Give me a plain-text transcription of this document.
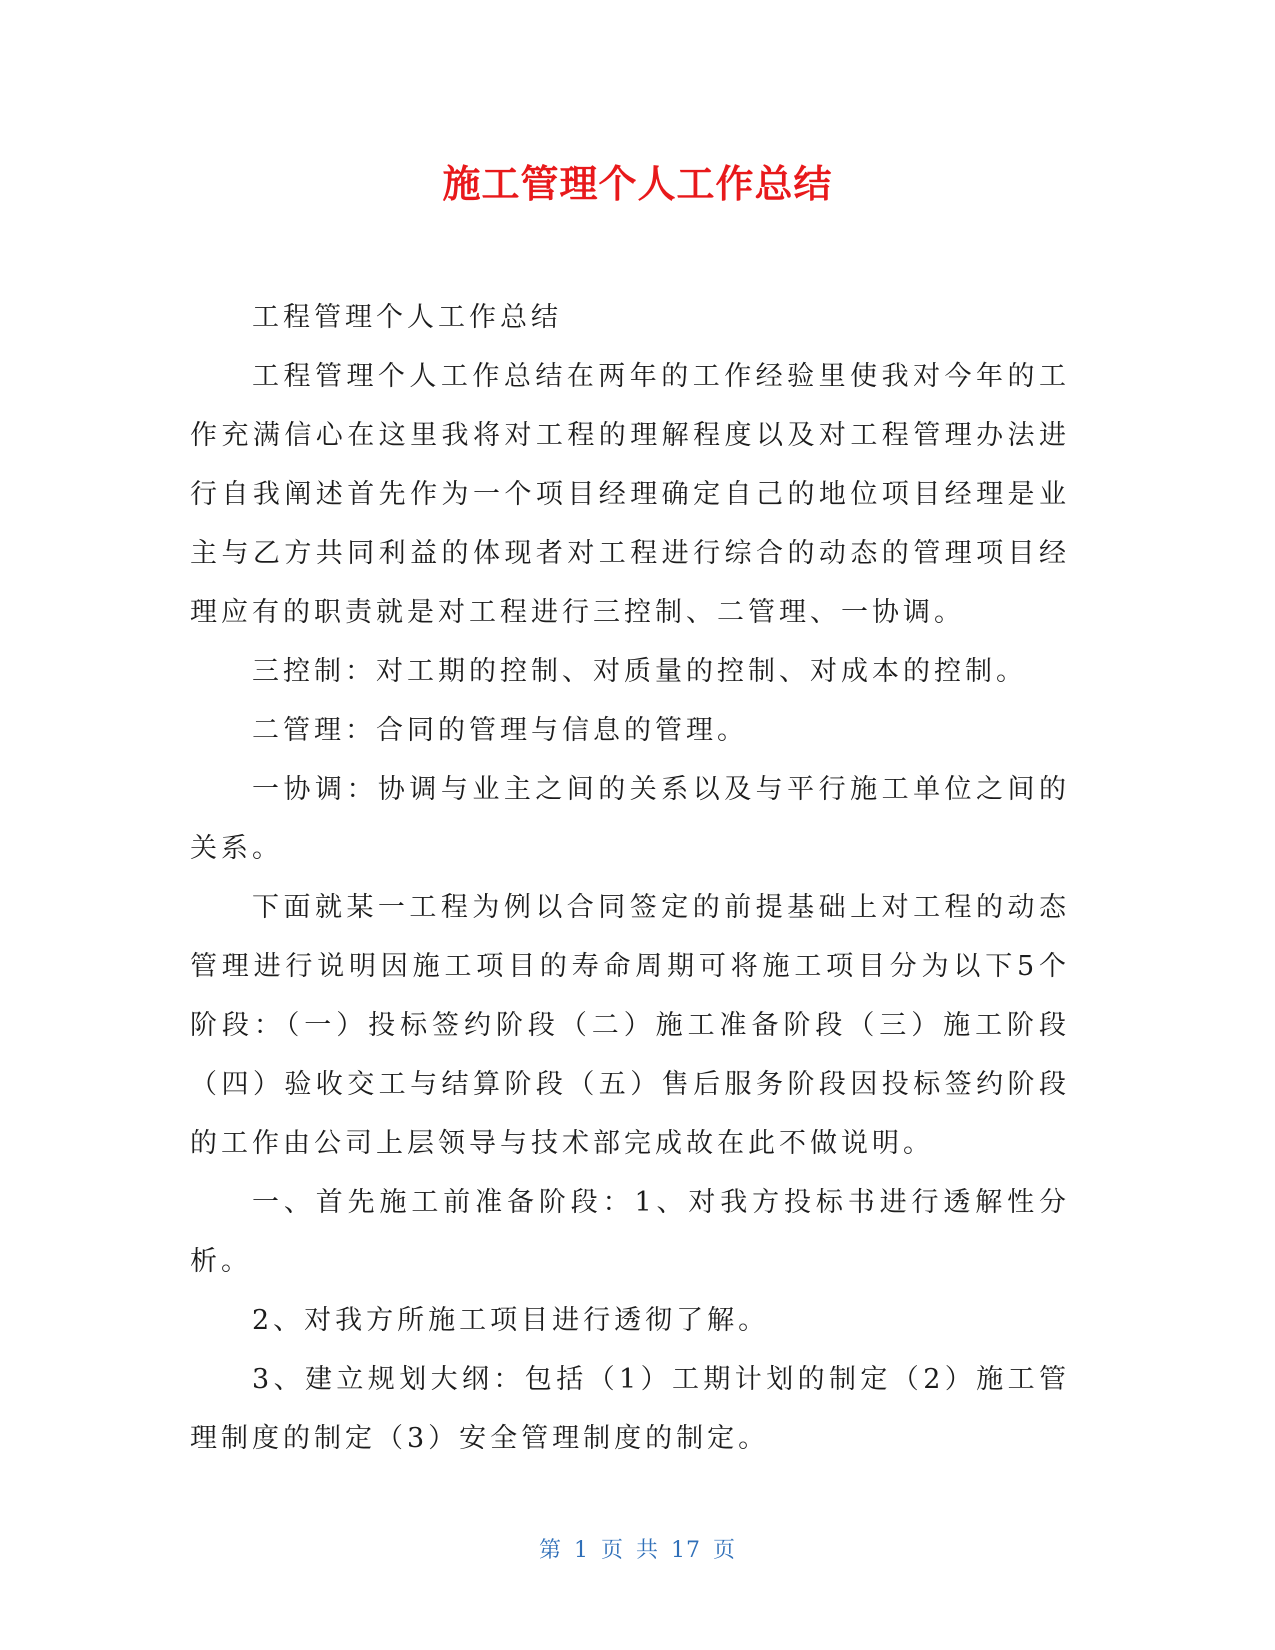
施工管理个人工作总结

工程管理个人工作总结

工程管理个人工作总结在两年的工作经验里使我对今年的工作充满信心在这里我将对工程的理解程度以及对工程管理办法进行自我阐述首先作为一个项目经理确定自己的地位项目经理是业主与乙方共同利益的体现者对工程进行综合的动态的管理项目经理应有的职责就是对工程进行三控制、二管理、一协调。

三控制：对工期的控制、对质量的控制、对成本的控制。

二管理：合同的管理与信息的管理。

一协调：协调与业主之间的关系以及与平行施工单位之间的关系。

下面就某一工程为例以合同签定的前提基础上对工程的动态管理进行说明因施工项目的寿命周期可将施工项目分为以下5个阶段：（一）投标签约阶段（二）施工准备阶段（三）施工阶段（四）验收交工与结算阶段（五）售后服务阶段因投标签约阶段的工作由公司上层领导与技术部完成故在此不做说明。

一、首先施工前准备阶段：1、对我方投标书进行透解性分析。

2、对我方所施工项目进行透彻了解。

3、建立规划大纲：包括（1）工期计划的制定（2）施工管理制度的制定（3）安全管理制度的制定。

第 1 页 共 17 页
